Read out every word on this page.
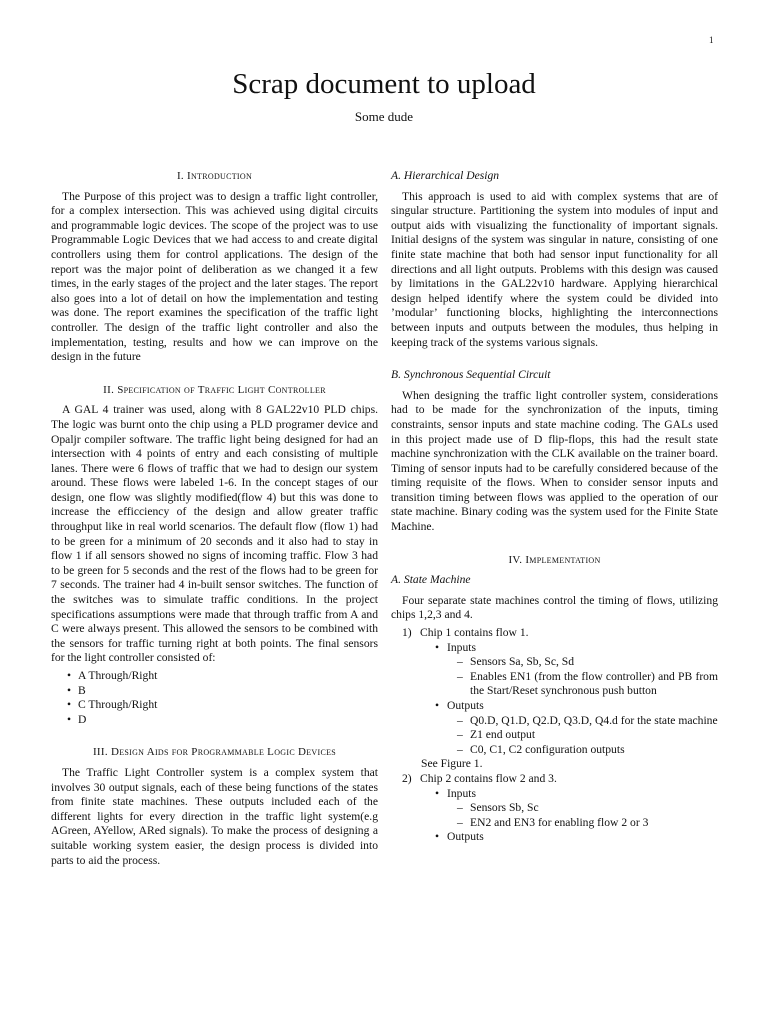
1
Scrap document to upload
Some dude
I. Introduction

The Purpose of this project was to design a traffic light controller, for a complex intersection. This was achieved using digital circuits and programmable logic devices. The scope of the project was to use Programmable Logic Devices that we had access to and create digital controllers using them for control applications. The design of the report was the major point of deliberation as we changed it a few times, in the early stages of the project and the later stages. The report also goes into a lot of detail on how the implementation and testing was done. The report examines the specification of the traffic light controller. The design of the traffic light controller and also the implementation, testing, results and how we can improve on the design in the future

II. Specification of Traffic Light Controller

A GAL 4 trainer was used, along with 8 GAL22v10 PLD chips. The logic was burnt onto the chip using a PLD programer device and Opaljr compiler software. The traffic light being designed for had an intersection with 4 points of entry and each consisting of multiple lanes. There were 6 flows of traffic that we had to design our system around. These flows were labeled 1-6. In the concept stages of our design, one flow was slightly modified(flow 4) but this was done to increase the efficciency of the design and allow greater traffic throughput like in real world scenarios. The default flow (flow 1) had to be green for a minimum of 20 seconds and it also had to stay in flow 1 if all sensors showed no signs of incoming traffic. Flow 3 had to be green for 5 seconds and the rest of the flows had to be green for 7 seconds. The trainer had 4 in-built sensor switches. The function of the switches was to simulate traffic conditions. In the project specifications assumptions were made that through traffic from A and C were always present. This allowed the sensors to be combined with the sensors for traffic turning right at both points. The final sensors for the light controller consisted of:

• A Through/Right
• B
• C Through/Right
• D
III. Design Aids for Programmable Logic Devices

The Traffic Light Controller system is a complex system that involves 30 output signals, each of these being functions of the states from finite state machines. These outputs included each of the different lights for every direction in the traffic light system(e.g AGreen, AYellow, ARed signals). To make the process of designing a suitable working system easier, the design process is divided into parts to aid the process.

A. Hierarchical Design

This approach is used to aid with complex systems that are of singular structure. Partitioning the system into modules of input and output aids with visualizing the functionality of important signals. Initial designs of the system was singular in nature, consisting of one finite state machine that both had sensor input functionality for all directions and all light outputs. Problems with this design was caused by limitations in the GAL22v10 hardware. Applying hierarchical design helped identify where the system could be divided into ’modular’ functioning blocks, highlighting the interconnections between inputs and outputs between the modules, thus helping in keeping track of the systems various signals.

B. Synchronous Sequential Circuit

When designing the traffic light controller system, considerations had to be made for the synchronization of the inputs, timing constraints, sensor inputs and state machine coding. The GALs used in this project made use of D flip-flops, this had the result state machine synchronization with the CLK available on the trainer board. Timing of sensor inputs had to be carefully considered because of the timing requisite of the flows. When to consider sensor inputs and transition timing between flows was applied to the operation of our state machine. Binary coding was the system used for the Finite State Machine.

IV. Implementation
A. State Machine

Four separate state machines control the timing of flows, utilizing chips 1,2,3 and 4.

1) Chip 1 contains flow 1.
• Inputs
– Sensors Sa, Sb, Sc, Sd
– Enables EN1 (from the flow controller) and PB from the Start/Reset synchronous push button
• Outputs
– Q0.D, Q1.D, Q2.D, Q3.D, Q4.d for the state machine
– Z1 end output
– C0, C1, C2 configuration outputs
See Figure 1.
2) Chip 2 contains flow 2 and 3.
• Inputs
– Sensors Sb, Sc
– EN2 and EN3 for enabling flow 2 or 3
• Outputs
